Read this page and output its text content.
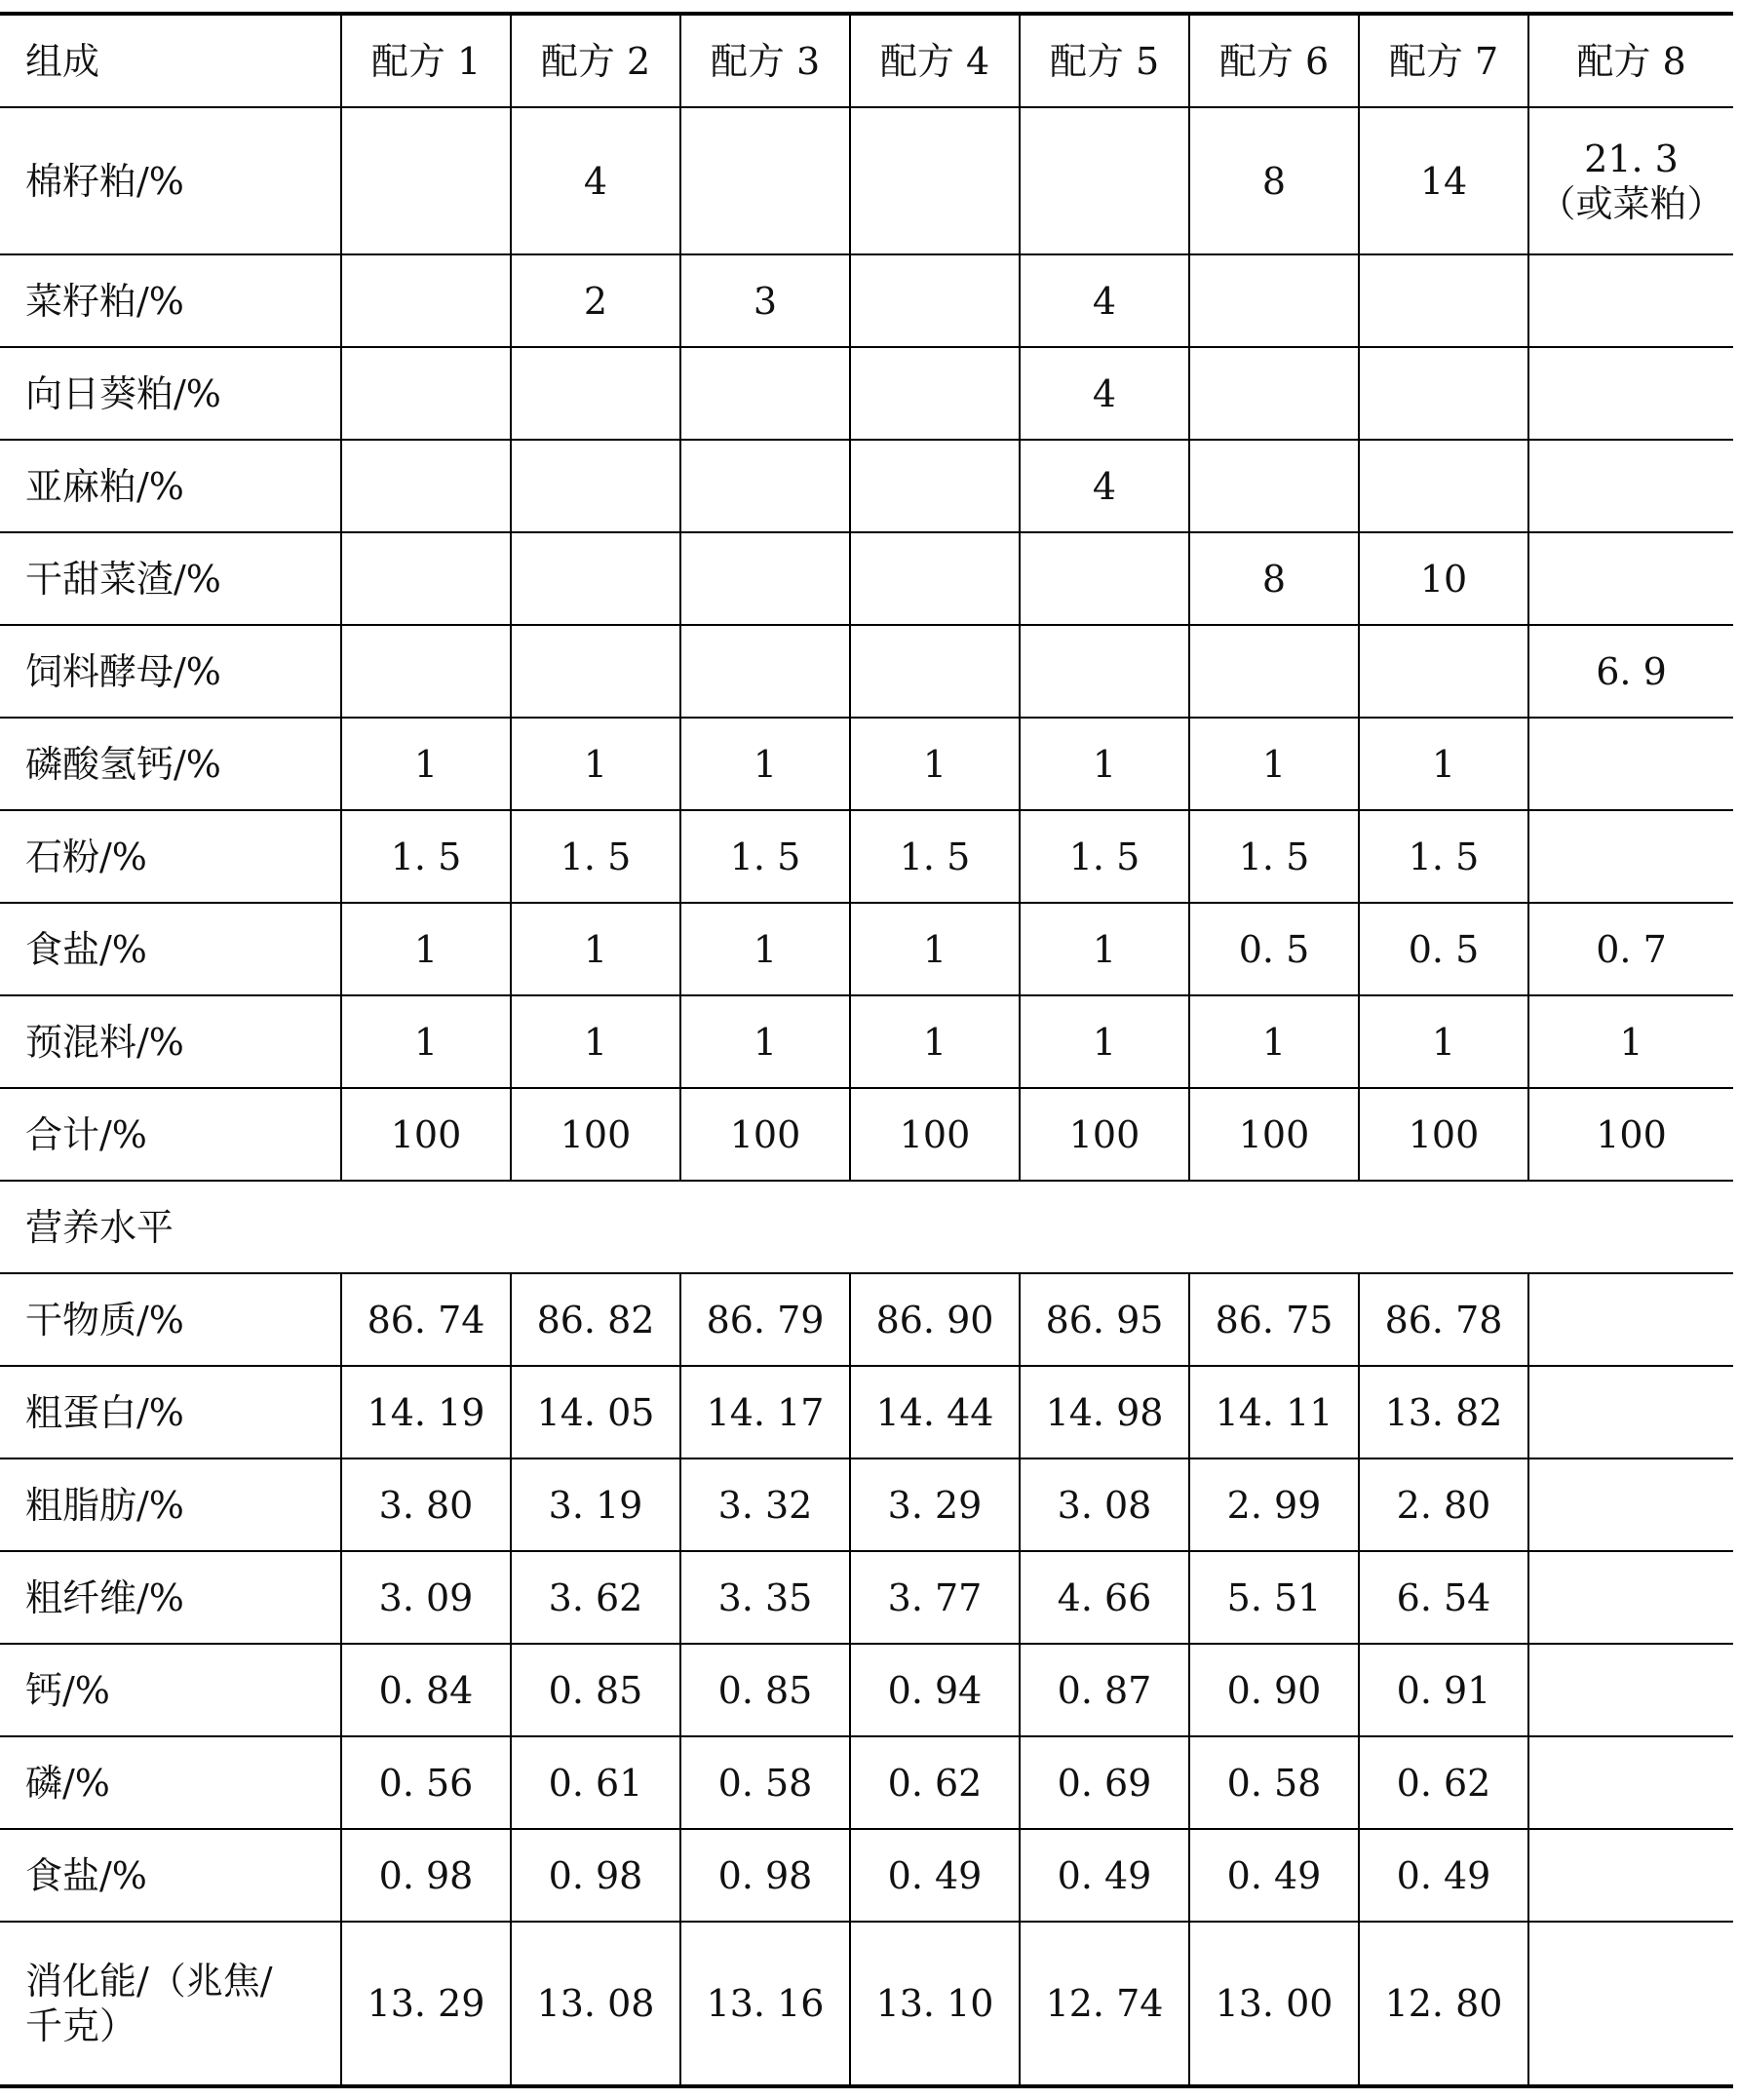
组成	配方 1	配方 2	配方 3	配方 4	配方 5	配方 6	配方 7	配方 8
棉籽粕/%		4				8	14	21. 3
（或菜粕）
菜籽粕/%		2	3		4			
向日葵粕/%					4			
亚麻粕/%					4			
干甜菜渣/%						8	10	
饲料酵母/%								6. 9
磷酸氢钙/%	1	1	1	1	1	1	1	
石粉/%	1. 5	1. 5	1. 5	1. 5	1. 5	1. 5	1. 5	
食盐/%	1	1	1	1	1	0. 5	0. 5	0. 7
预混料/%	1	1	1	1	1	1	1	1
合计/%	100	100	100	100	100	100	100	100
营养水平								
干物质/%	86. 74	86. 82	86. 79	86. 90	86. 95	86. 75	86. 78	
粗蛋白/%	14. 19	14. 05	14. 17	14. 44	14. 98	14. 11	13. 82	
粗脂肪/%	3. 80	3. 19	3. 32	3. 29	3. 08	2. 99	2. 80	
粗纤维/%	3. 09	3. 62	3. 35	3. 77	4. 66	5. 51	6. 54	
钙/%	0. 84	0. 85	0. 85	0. 94	0. 87	0. 90	0. 91	
磷/%	0. 56	0. 61	0. 58	0. 62	0. 69	0. 58	0. 62	
食盐/%	0. 98	0. 98	0. 98	0. 49	0. 49	0. 49	0. 49	
消化能/（兆焦/
千克）	13. 29	13. 08	13. 16	13. 10	12. 74	13. 00	12. 80	
